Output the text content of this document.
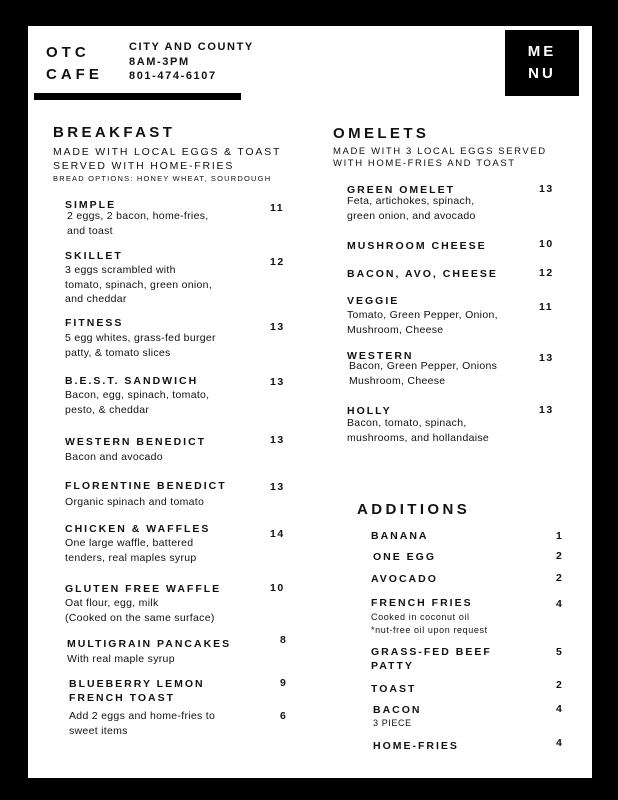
OTC
CAFE
CITY AND COUNTY
8AM-3PM
801-474-6107
ME
NU
BREAKFAST
MADE WITH LOCAL EGGS & TOAST
SERVED WITH HOME-FRIES
BREAD OPTIONS: HONEY WHEAT, SOURDOUGH
SIMPLE
2 eggs, 2 bacon, home-fries,
and toast
11
SKILLET
3 eggs scrambled with
tomato, spinach, green onion,
and cheddar
12
FITNESS
5 egg whites, grass-fed burger
patty, & tomato slices
13
B.E.S.T. SANDWICH
Bacon, egg, spinach, tomato,
pesto, & cheddar
13
WESTERN BENEDICT
Bacon and avocado
13
FLORENTINE BENEDICT
Organic spinach and tomato
13
CHICKEN & WAFFLES
One large waffle, battered
tenders, real maples syrup
14
GLUTEN FREE WAFFLE
Oat flour, egg, milk
(Cooked on the same surface)
10
MULTIGRAIN PANCAKES
With real maple syrup
8
BLUEBERRY LEMON
FRENCH TOAST
9
Add 2 eggs and home-fries to
sweet items
6
OMELETS
MADE WITH 3 LOCAL EGGS SERVED
WITH HOME-FRIES AND TOAST
GREEN OMELET
Feta, artichokes, spinach,
green onion, and avocado
13
MUSHROOM CHEESE	10
BACON, AVO, CHEESE	12
VEGGIE
Tomato, Green Pepper, Onion,
Mushroom, Cheese
11
WESTERN
Bacon, Green Pepper, Onions
Mushroom, Cheese
13
HOLLY
Bacon, tomato, spinach,
mushrooms, and hollandaise
13
ADDITIONS
BANANA	1
ONE EGG	2
AVOCADO	2
FRENCH FRIES
Cooked in coconut oil
*nut-free oil upon request
4
GRASS-FED BEEF
PATTY
5
TOAST	2
BACON
3 PIECE
4
HOME-FRIES	4
